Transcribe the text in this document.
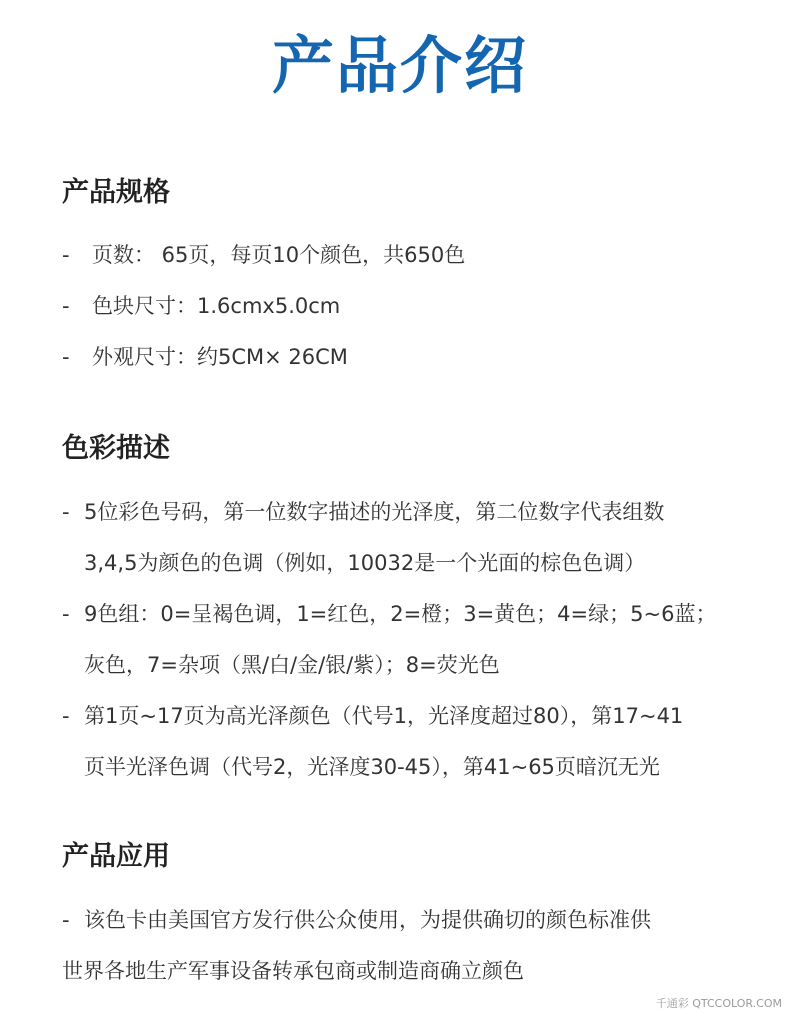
产品介绍
产品规格
- 页数： 65页，每页10个颜色，共650色
- 色块尺寸：1.6cmx5.0cm
- 外观尺寸：约5CM× 26CM
色彩描述
- 5位彩色号码，第一位数字描述的光泽度，第二位数字代表组数
3,4,5为颜色的色调（例如，10032是一个光面的棕色色调）
- 9色组：0=呈褐色调，1=红色，2=橙；3=黄色；4=绿；5~6蓝；
灰色，7=杂项（黑/白/金/银/紫）；8=荧光色
- 第1页~17页为高光泽颜色（代号1，光泽度超过80），第17~41
页半光泽色调（代号2，光泽度30-45），第41~65页暗沉无光
产品应用
- 该色卡由美国官方发行供公众使用，为提供确切的颜色标准供
世界各地生产军事设备转承包商或制造商确立颜色
千通彩 QTCCOLOR.COM
